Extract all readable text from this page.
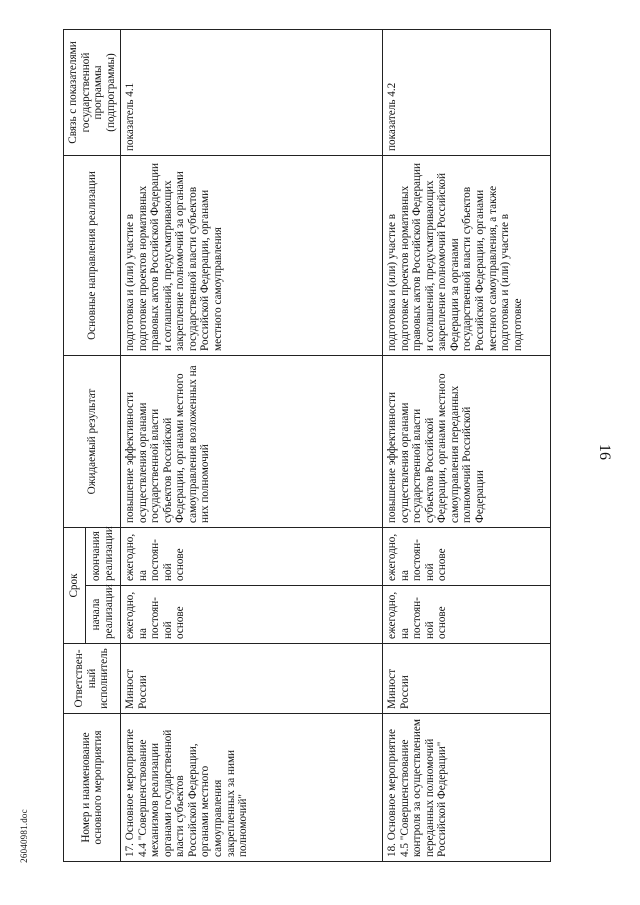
16
Номер и наименование основного мероприятия	Ответствен-ный исполнитель	Срок		Ожидаемый результат	Основные направления реализации	Связь с показателями государственной программы (подпрограммы)
		начала реализации	окончания реализации			
17. Основное мероприятие 4.4 "Совершенствование механизмов реализации органами государственной власти субъектов Российской Федерации, органами местного самоуправления закрепленных за ними полномочий"	Минюст России	ежегодно, на постоян-ной основе	ежегодно, на постоян-ной основе	повышение эффективности осуществления органами государственной власти субъектов Российской Федерации, органами местного самоуправления возложенных на них полномочий	подготовка и (или) участие в подготовке проектов нормативных правовых актов Российской Федерации и соглашений, предусматривающих закрепление полномочий за органами государственной власти субъектов Российской Федерации, органами местного самоуправления	показатель 4.1
18. Основное мероприятие 4.5 "Совершенствование контроля за осуществлением переданных полномочий Российской Федерации"	Минюст России	ежегодно, на постоян-ной основе	ежегодно, на постоян-ной основе	повышение эффективности осуществления органами государственной власти субъектов Российской Федерации, органами местного самоуправления переданных полномочий Российской Федерации	подготовка и (или) участие в подготовке проектов нормативных правовых актов Российской Федерации и соглашений, предусматривающих закрепление полномочий Российской Федерации за органами государственной власти субъектов Российской Федерации, органами местного самоуправления, а также подготовка и (или) участие в подготовке	показатель 4.2
26040981.doc
